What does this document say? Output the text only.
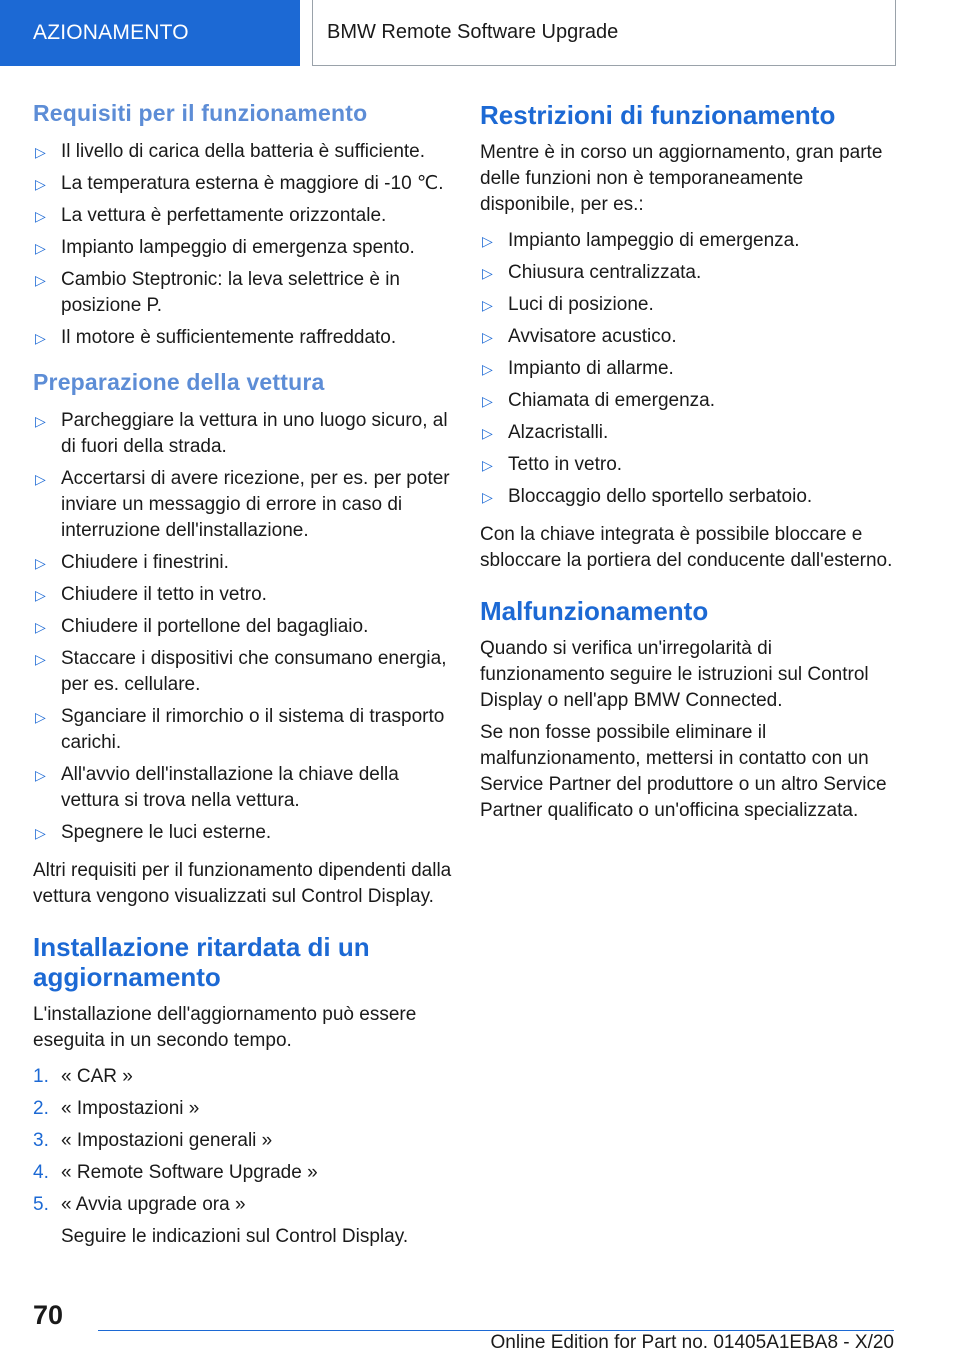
AZIONAMENTO	BMW Remote Software Upgrade
Requisiti per il funzionamento
▷ Il livello di carica della batteria è sufficiente.
▷ La temperatura esterna è maggiore di -10 ℃.
▷ La vettura è perfettamente orizzontale.
▷ Impianto lampeggio di emergenza spento.
▷ Cambio Steptronic: la leva selettrice è in posizione P.
▷ Il motore è sufficientemente raffreddato.
Preparazione della vettura
▷ Parcheggiare la vettura in uno luogo sicuro, al di fuori della strada.
▷ Accertarsi di avere ricezione, per es. per poter inviare un messaggio di errore in caso di interruzione dell'installazione.
▷ Chiudere i finestrini.
▷ Chiudere il tetto in vetro.
▷ Chiudere il portellone del bagagliaio.
▷ Staccare i dispositivi che consumano energia, per es. cellulare.
▷ Sganciare il rimorchio o il sistema di trasporto carichi.
▷ All'avvio dell'installazione la chiave della vettura si trova nella vettura.
▷ Spegnere le luci esterne.

Altri requisiti per il funzionamento dipendenti dalla vettura vengono visualizzati sul Control Display.

Installazione ritardata di un aggiornamento

L'installazione dell'aggiornamento può essere eseguita in un secondo tempo.

1. « CAR »
2. « Impostazioni »
3. « Impostazioni generali »
4. « Remote Software Upgrade »
5. « Avvia upgrade ora »
Seguire le indicazioni sul Control Display.
Restrizioni di funzionamento

Mentre è in corso un aggiornamento, gran parte delle funzioni non è temporaneamente disponibile, per es.:

▷ Impianto lampeggio di emergenza.
▷ Chiusura centralizzata.
▷ Luci di posizione.
▷ Avvisatore acustico.
▷ Impianto di allarme.
▷ Chiamata di emergenza.
▷ Alzacristalli.
▷ Tetto in vetro.
▷ Bloccaggio dello sportello serbatoio.

Con la chiave integrata è possibile bloccare e sbloccare la portiera del conducente dall'esterno.

Malfunzionamento

Quando si verifica un'irregolarità di funzionamento seguire le istruzioni sul Control Display o nell'app BMW Connected.

Se non fosse possibile eliminare il malfunzionamento, mettersi in contatto con un Service Partner del produttore o un altro Service Partner qualificato o un'officina specializzata.

70
Online Edition for Part no. 01405A1EBA8 - X/20
